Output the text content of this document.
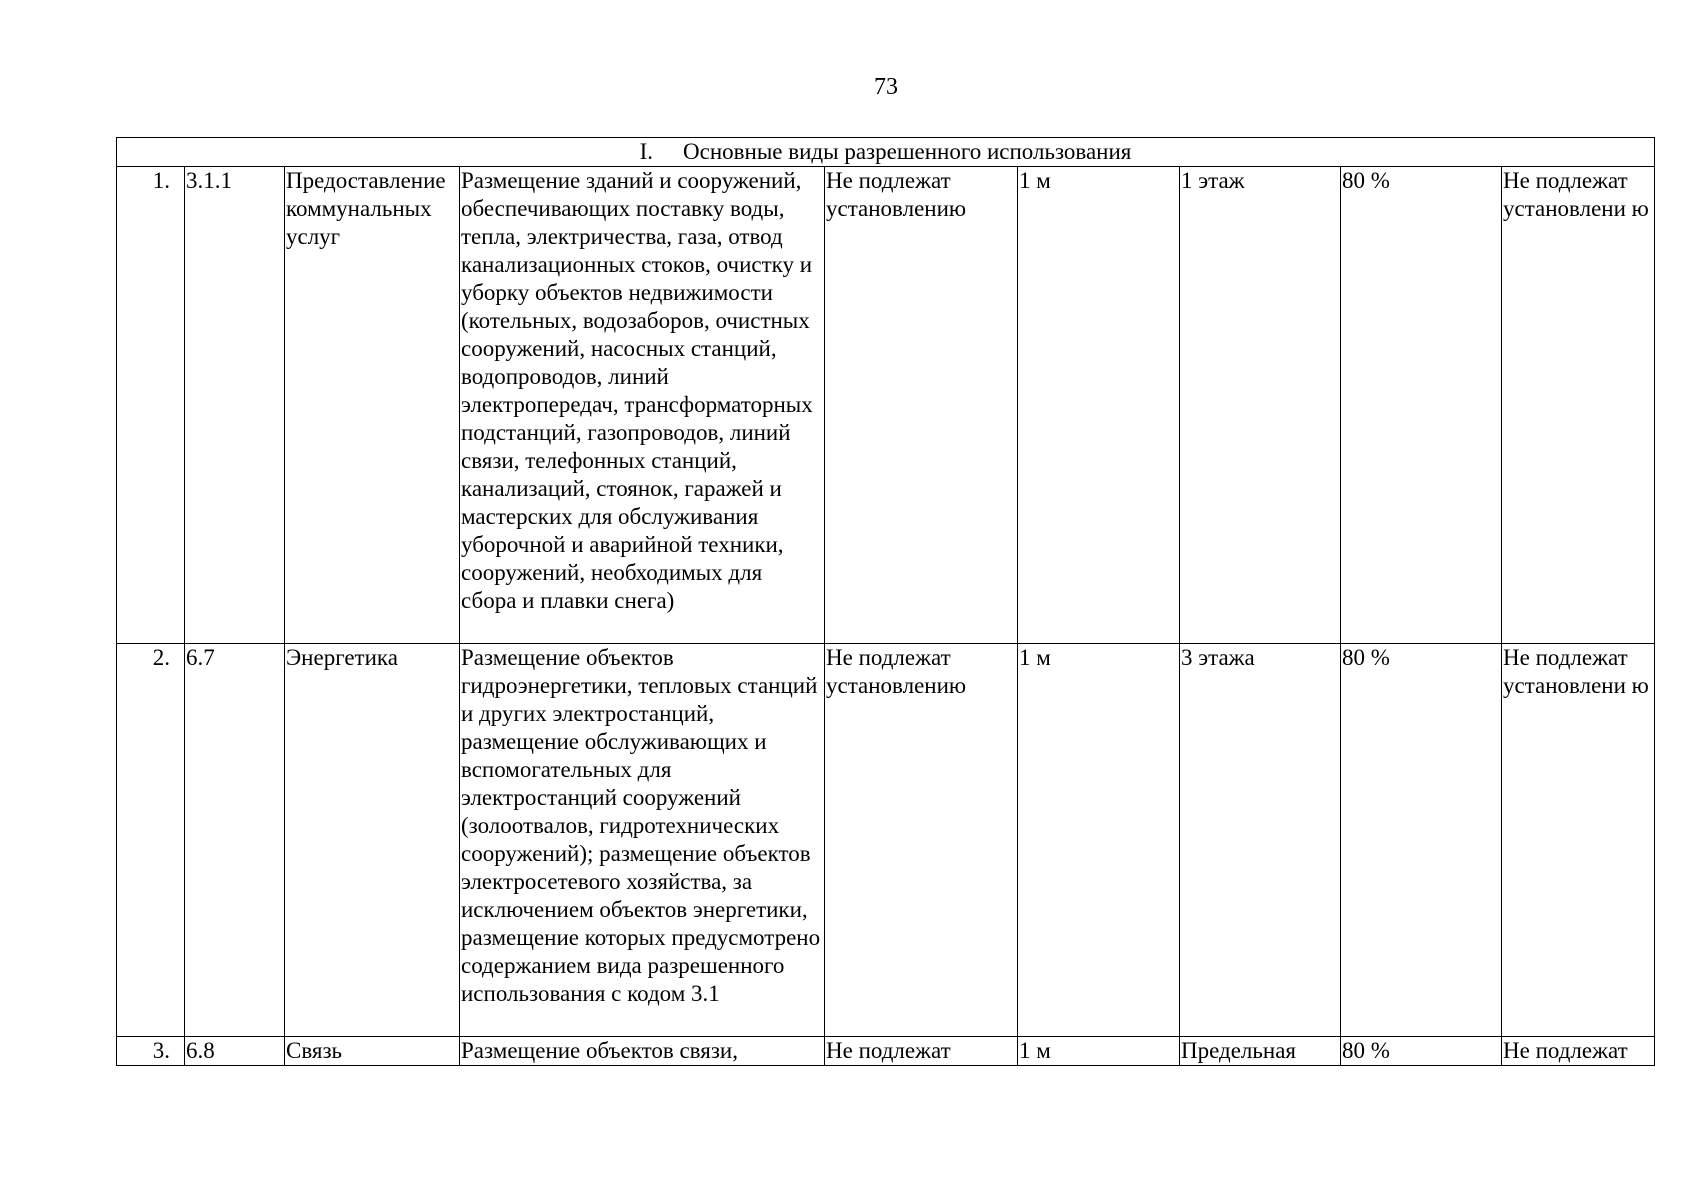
73
I. Основные виды разрешенного использования								
1.	3.1.1	Предоставление коммунальных услуг	Размещение зданий и сооружений, обеспечивающих поставку воды, тепла, электричества, газа, отвод канализационных стоков, очистку и уборку объектов недвижимости (котельных, водозаборов, очистных сооружений, насосных станций, водопроводов, линий электропередач, трансформаторных подстанций, газопроводов, линий связи, телефонных станций, канализаций, стоянок, гаражей и мастерских для обслуживания уборочной и аварийной техники, сооружений, необходимых для сбора и плавки снега)	Не подлежат установлению	1 м	1 этаж	80 %	Не подлежат установлени ю
2.	6.7	Энергетика	Размещение объектов гидроэнергетики, тепловых станций и других электростанций, размещение обслуживающих и вспомогательных для электростанций сооружений (золоотвалов, гидротехнических сооружений); размещение объектов электросетевого хозяйства, за исключением объектов энергетики, размещение которых предусмотрено содержанием вида разрешенного использования с кодом 3.1	Не подлежат установлению	1 м	3 этажа	80 %	Не подлежат установлени ю
3.	6.8	Связь	Размещение объектов связи,	Не подлежат	1 м	Предельная	80 %	Не подлежат
